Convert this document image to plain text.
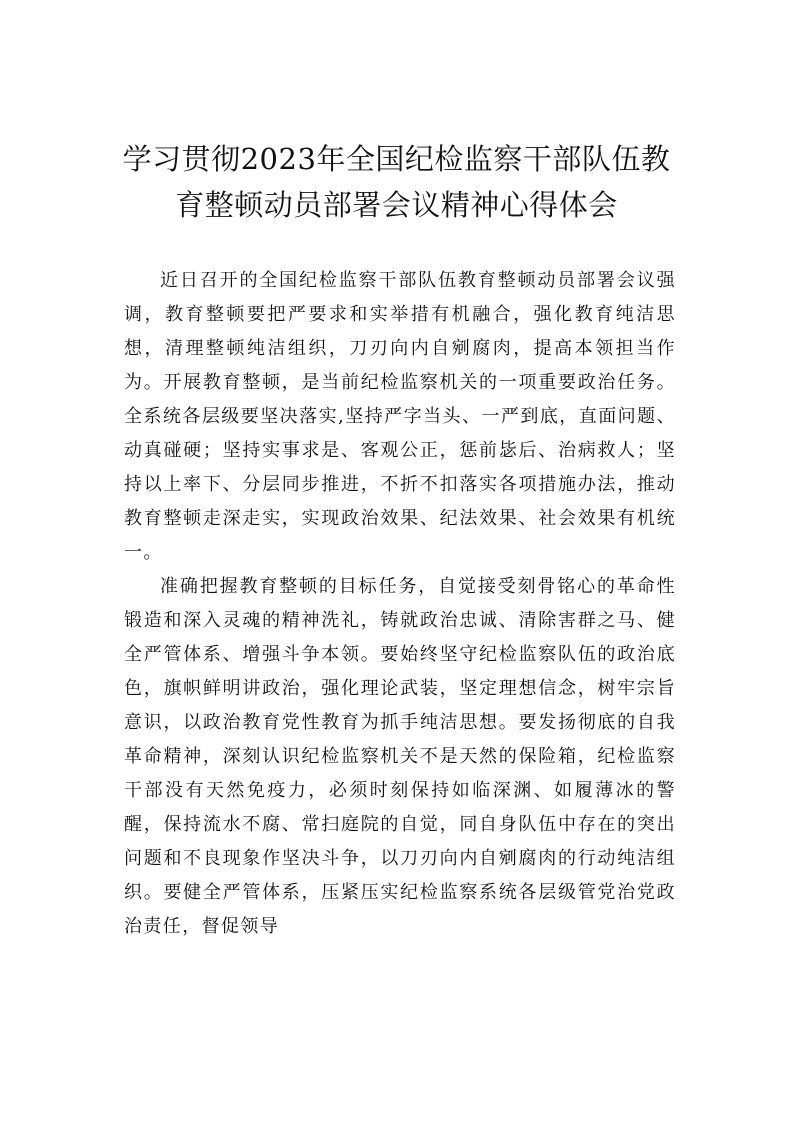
学习贯彻2023年全国纪检监察干部队伍教
育整顿动员部署会议精神心得体会

近日召开的全国纪检监察干部队伍教育整顿动员部署会议强调，教育整顿要把严要求和实举措有机融合，强化教育纯洁思想，清理整顿纯洁组织，刀刃向内自剜腐肉，提高本领担当作为。开展教育整顿，是当前纪检监察机关的一项重要政治任务。全系统各层级要坚决落实,坚持严字当头、一严到底，直面问题、动真碰硬；坚持实事求是、客观公正，惩前毖后、治病救人；坚持以上率下、分层同步推进，不折不扣落实各项措施办法，推动教育整顿走深走实，实现政治效果、纪法效果、社会效果有机统一。

准确把握教育整顿的目标任务，自觉接受刻骨铭心的革命性锻造和深入灵魂的精神洗礼，铸就政治忠诚、清除害群之马、健全严管体系、增强斗争本领。要始终坚守纪检监察队伍的政治底色，旗帜鲜明讲政治，强化理论武装，坚定理想信念，树牢宗旨意识，以政治教育党性教育为抓手纯洁思想。要发扬彻底的自我革命精神，深刻认识纪检监察机关不是天然的保险箱，纪检监察干部没有天然免疫力，必须时刻保持如临深渊、如履薄冰的警醒，保持流水不腐、常扫庭院的自觉，同自身队伍中存在的突出问题和不良现象作坚决斗争，以刀刃向内自剜腐肉的行动纯洁组织。要健全严管体系，压紧压实纪检监察系统各层级管党治党政治责任，督促领导
